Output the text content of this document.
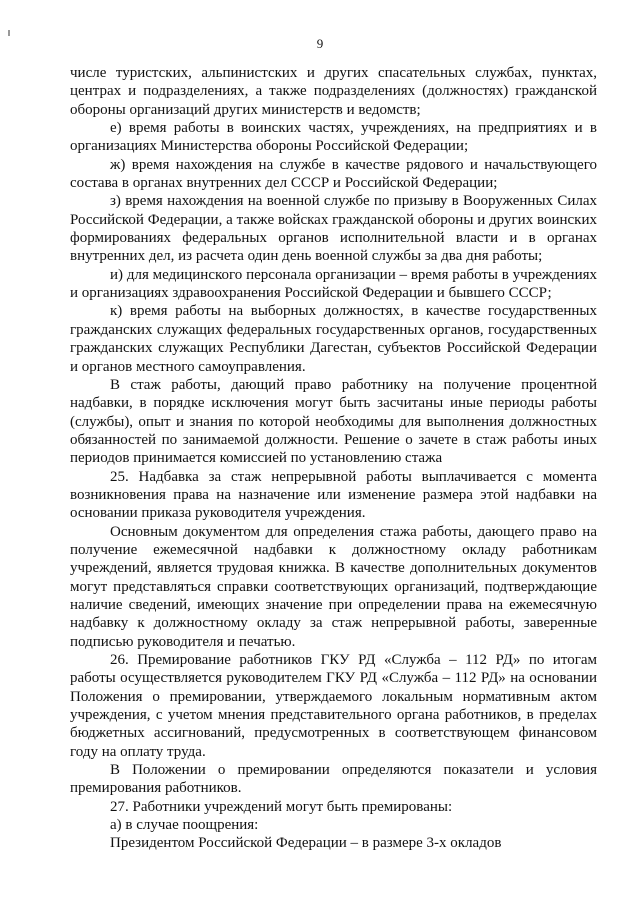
9

числе туристских, альпинистских и других спасательных службах, пунктах, центрах и подразделениях, а также подразделениях (должностях) гражданской обороны организаций других министерств и ведомств;

е) время работы в воинских частях, учреждениях, на предприятиях и в организациях Министерства обороны Российской Федерации;

ж) время нахождения на службе в качестве рядового и начальствующего состава в органах внутренних дел СССР и Российской Федерации;

з) время нахождения на военной службе по призыву в Вооруженных Силах Российской Федерации, а также войсках гражданской обороны и других воинских формированиях федеральных органов исполнительной власти и в органах внутренних дел, из расчета один день военной службы за два дня работы;

и) для медицинского персонала организации – время работы в учреждениях и организациях здравоохранения Российской Федерации и бывшего СССР;

к) время работы на выборных должностях, в качестве государственных гражданских служащих федеральных государственных органов, государственных гражданских служащих Республики Дагестан, субъектов Российской Федерации и органов местного самоуправления.

В стаж работы, дающий право работнику на получение процентной надбавки, в порядке исключения могут быть засчитаны иные периоды работы (службы), опыт и знания по которой необходимы для выполнения должностных обязанностей по занимаемой должности. Решение о зачете в стаж работы иных периодов принимается комиссией по установлению стажа

25. Надбавка за стаж непрерывной работы выплачивается с момента возникновения права на назначение или изменение размера этой надбавки на основании приказа руководителя учреждения.

Основным документом для определения стажа работы, дающего право на получение ежемесячной надбавки к должностному окладу работникам учреждений, является трудовая книжка. В качестве дополнительных документов могут представляться справки соответствующих организаций, подтверждающие наличие сведений, имеющих значение при определении права на ежемесячную надбавку к должностному окладу за стаж непрерывной работы, заверенные подписью руководителя и печатью.

26. Премирование работников ГКУ РД «Служба – 112 РД» по итогам работы осуществляется руководителем ГКУ РД «Служба – 112 РД» на основании Положения о премировании, утверждаемого локальным нормативным актом учреждения, с учетом мнения представительного органа работников, в пределах бюджетных ассигнований, предусмотренных в соответствующем финансовом году на оплату труда.

В Положении о премировании определяются показатели и условия премирования работников.

27. Работники учреждений могут быть премированы:

а) в случае поощрения:

Президентом Российской Федерации – в размере 3-х окладов
